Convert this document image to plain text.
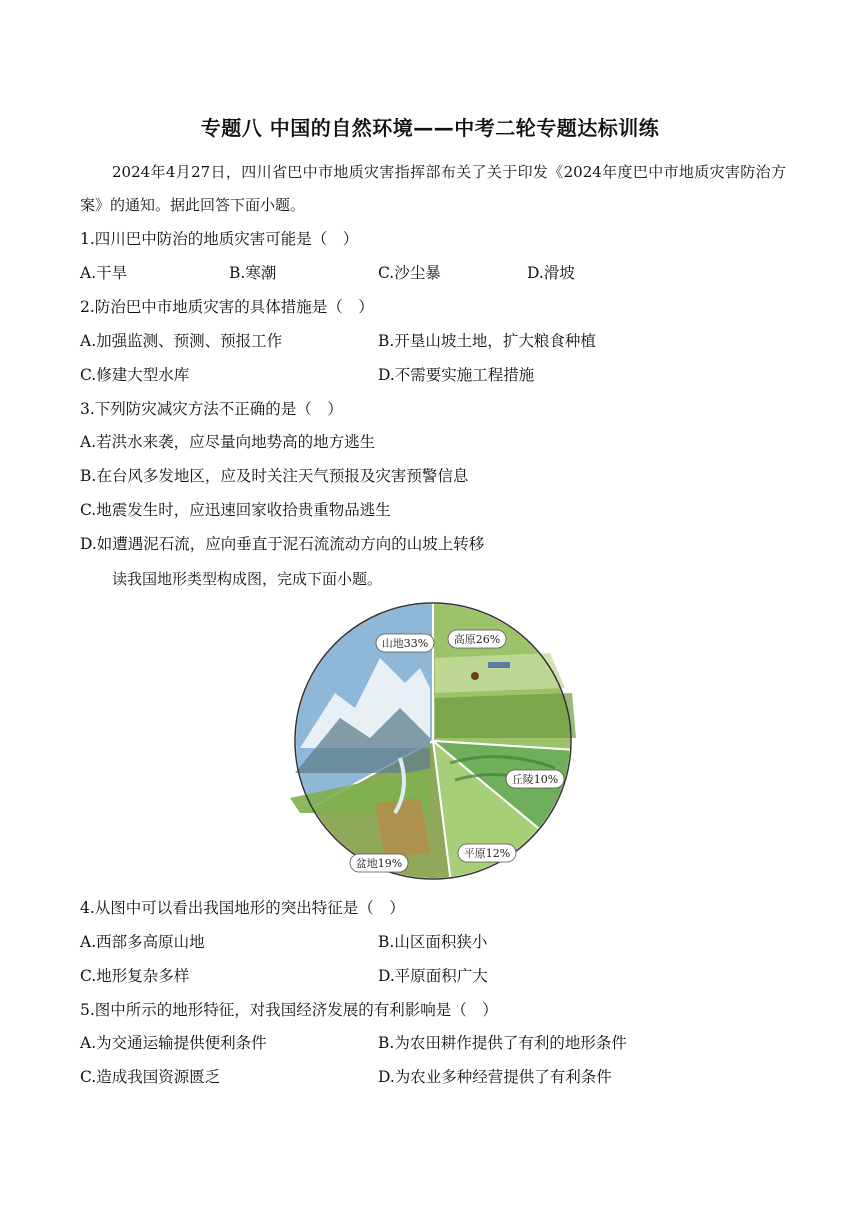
专题八 中国的自然环境——中考二轮专题达标训练
2024年4月27日，四川省巴中市地质灾害指挥部布关了关于印发《2024年度巴中市地质灾害防治方案》的通知。据此回答下面小题。
1.四川巴中防治的地质灾害可能是（　）
A.干旱	B.寒潮	C.沙尘暴	D.滑坡
2.防治巴中市地质灾害的具体措施是（　）
A.加强监测、预测、预报工作	B.开垦山坡土地，扩大粮食种植
C.修建大型水库	D.不需要实施工程措施
3.下列防灾减灾方法不正确的是（　）
A.若洪水来袭，应尽量向地势高的地方逃生
B.在台风多发地区，应及时关注天气预报及灾害预警信息
C.地震发生时，应迅速回家收拾贵重物品逃生
D.如遭遇泥石流，应向垂直于泥石流流动方向的山坡上转移
读我国地形类型构成图，完成下面小题。
高原26%
丘陵10%
平原12%
盆地19%
山地33%
4.从图中可以看出我国地形的突出特征是（　）
A.西部多高原山地	B.山区面积狭小
C.地形复杂多样	D.平原面积广大
5.图中所示的地形特征，对我国经济发展的有利影响是（　）
A.为交通运输提供便利条件	B.为农田耕作提供了有利的地形条件
C.造成我国资源匮乏	D.为农业多种经营提供了有利条件
